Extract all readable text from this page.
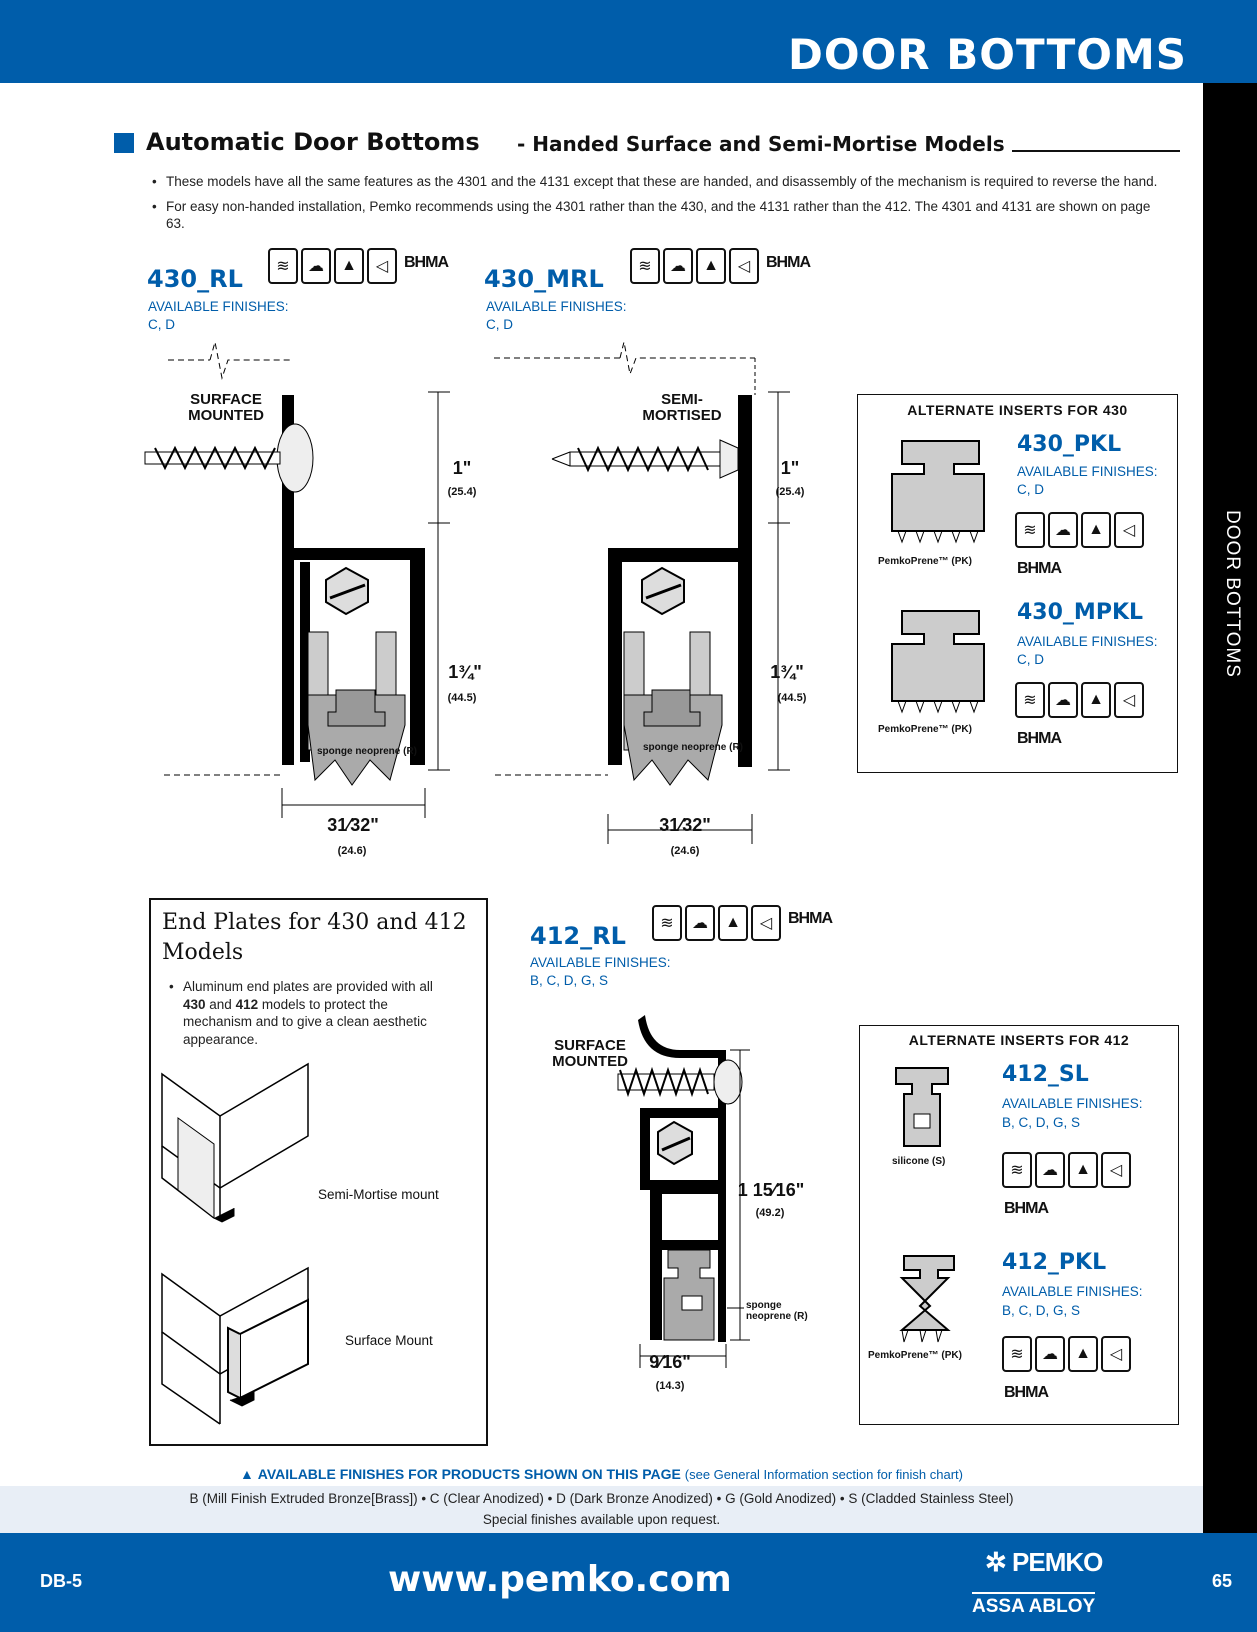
DOOR BOTTOMS
DOOR BOTTOMS
Automatic Door Bottoms - Handed Surface and Semi-Mortise Models
• These models have all the same features as the 4301 and the 4131 except that these are handed, and disassembly of the mechanism is required to reverse the hand.
• For easy non-handed installation, Pemko recommends using the 4301 rather than the 430, and the 4131 rather than the 412. The 4301 and 4131 are shown on page 63.
430_RL	≋	☁	▲	◁ BHMA
AVAILABLE FINISHES:
C, D
430_MRL	≋	☁	▲	◁ BHMA
AVAILABLE FINISHES:
C, D
SURFACE MOUNTED
1"
(25.4)
1¾"
(44.5)
sponge neoprene (R)
31⁄32"
(24.6)
SEMI- MORTISED
1"
(25.4)
1¾"
(44.5)
sponge neoprene (R)
31⁄32"
(24.6)
ALTERNATE INSERTS FOR 430
PemkoPrene™ (PK)
430_PKL
AVAILABLE FINISHES:
C, D
≋	☁	▲	◁
BHMA
PemkoPrene™ (PK)
430_MPKL
AVAILABLE FINISHES:
C, D
≋	☁	▲	◁
BHMA
End Plates for 430 and 412 Models
• Aluminum end plates are provided with all 430 and 412 models to protect the mechanism and to give a clean aesthetic appearance.
Semi-Mortise mount
Surface Mount
412_RL	≋	☁	▲	◁ BHMA
AVAILABLE FINISHES:
B, C, D, G, S
SURFACE MOUNTED
1 15⁄16"
(49.2)
sponge neoprene (R)
9⁄16"
(14.3)
ALTERNATE INSERTS FOR 412
silicone (S)
412_SL
AVAILABLE FINISHES:
B, C, D, G, S
≋	☁	▲	◁
BHMA
PemkoPrene™ (PK)
412_PKL
AVAILABLE FINISHES:
B, C, D, G, S
≋	☁	▲	◁
BHMA
▲ AVAILABLE FINISHES FOR PRODUCTS SHOWN ON THIS PAGE (see General Information section for finish chart)
B (Mill Finish Extruded Bronze[Brass]) • C (Clear Anodized) • D (Dark Bronze Anodized) • G (Gold Anodized) • S (Cladded Stainless Steel)
Special finishes available upon request.
DB-5	www.pemko.com	✲ PEMKO
ASSA ABLOY
65
